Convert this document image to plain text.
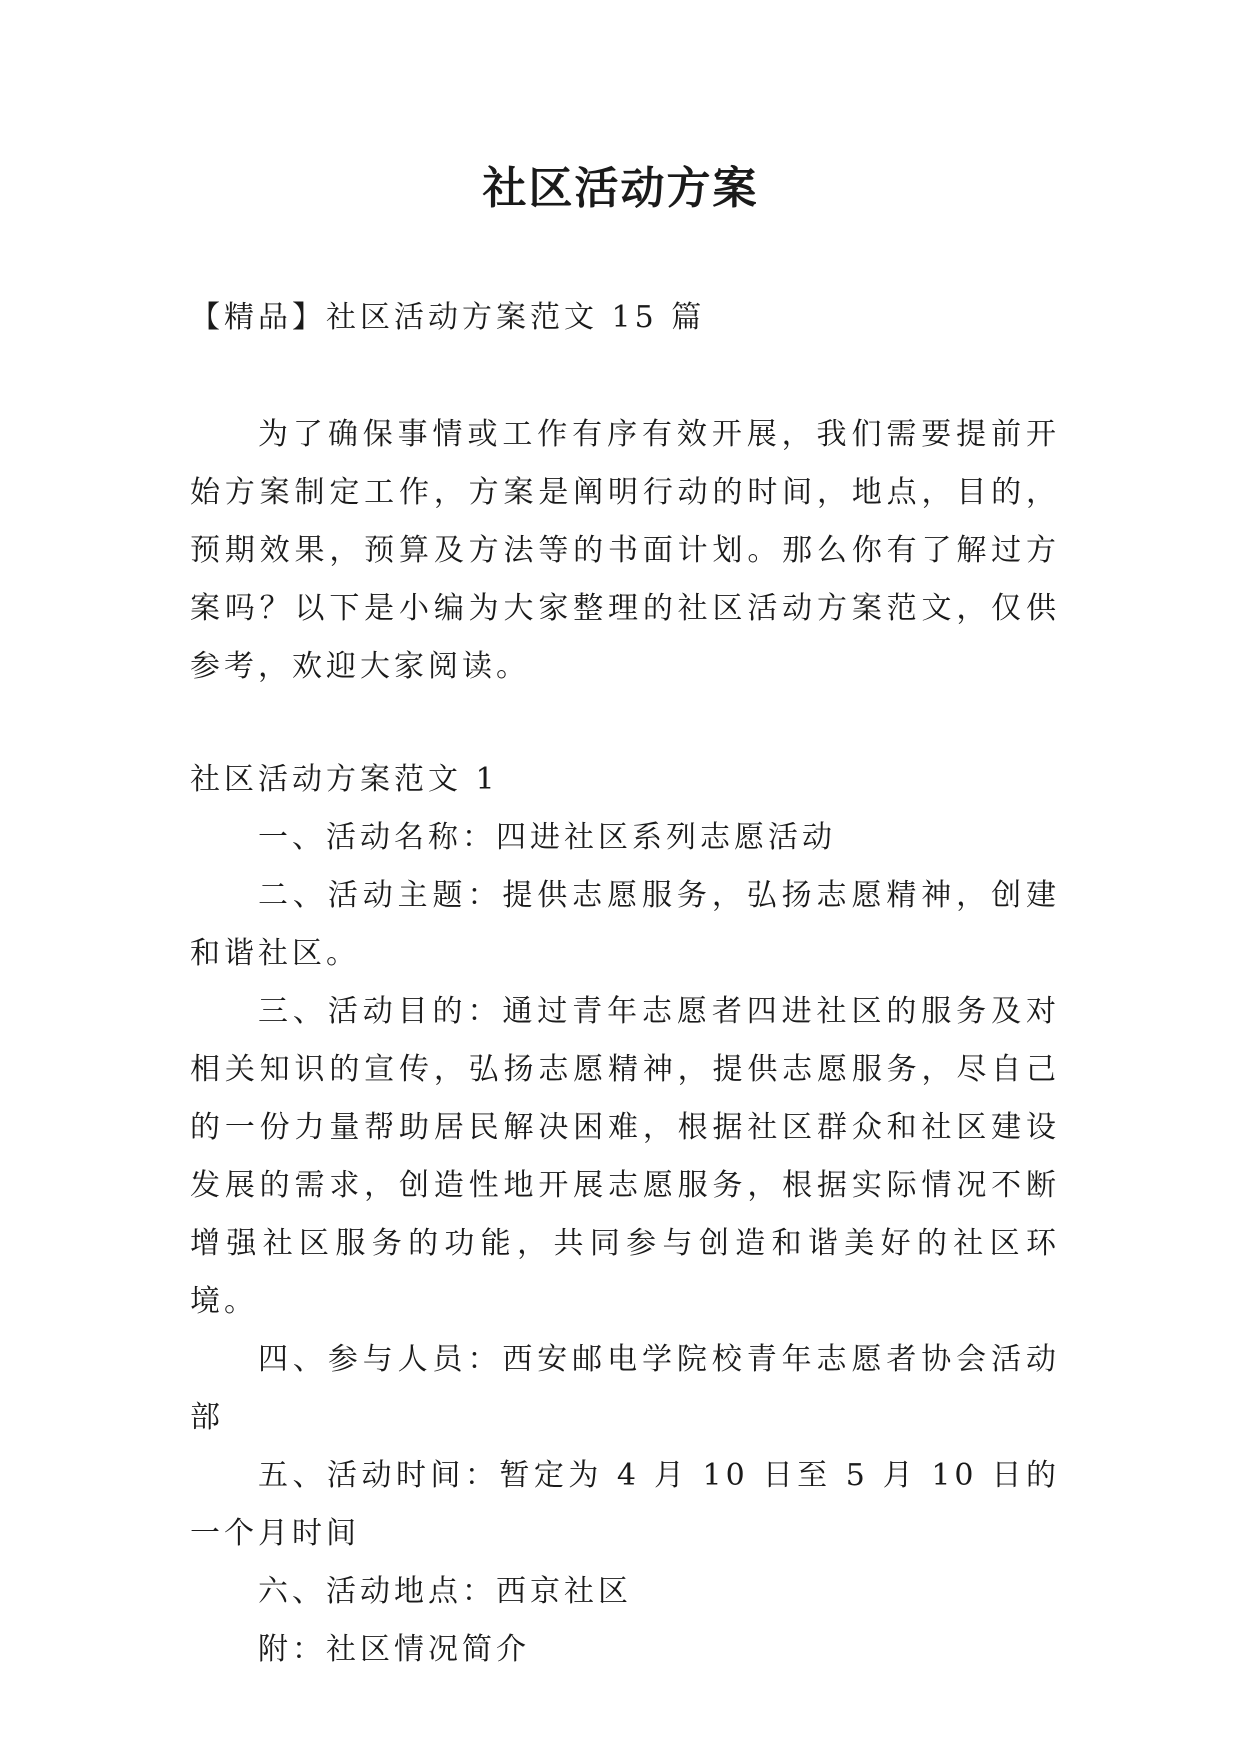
社区活动方案

【精品】社区活动方案范文 15 篇

为了确保事情或工作有序有效开展，我们需要提前开始方案制定工作，方案是阐明行动的时间，地点，目的，预期效果，预算及方法等的书面计划。那么你有了解过方案吗？以下是小编为大家整理的社区活动方案范文，仅供参考，欢迎大家阅读。

社区活动方案范文 1

一、活动名称：四进社区系列志愿活动

二、活动主题：提供志愿服务，弘扬志愿精神，创建和谐社区。

三、活动目的：通过青年志愿者四进社区的服务及对相关知识的宣传，弘扬志愿精神，提供志愿服务，尽自己的一份力量帮助居民解决困难，根据社区群众和社区建设发展的需求，创造性地开展志愿服务，根据实际情况不断增强社区服务的功能，共同参与创造和谐美好的社区环境。

四、参与人员：西安邮电学院校青年志愿者协会活动部

五、活动时间：暂定为 4 月 10 日至 5 月 10 日的一个月时间

六、活动地点：西京社区

附：社区情况简介
